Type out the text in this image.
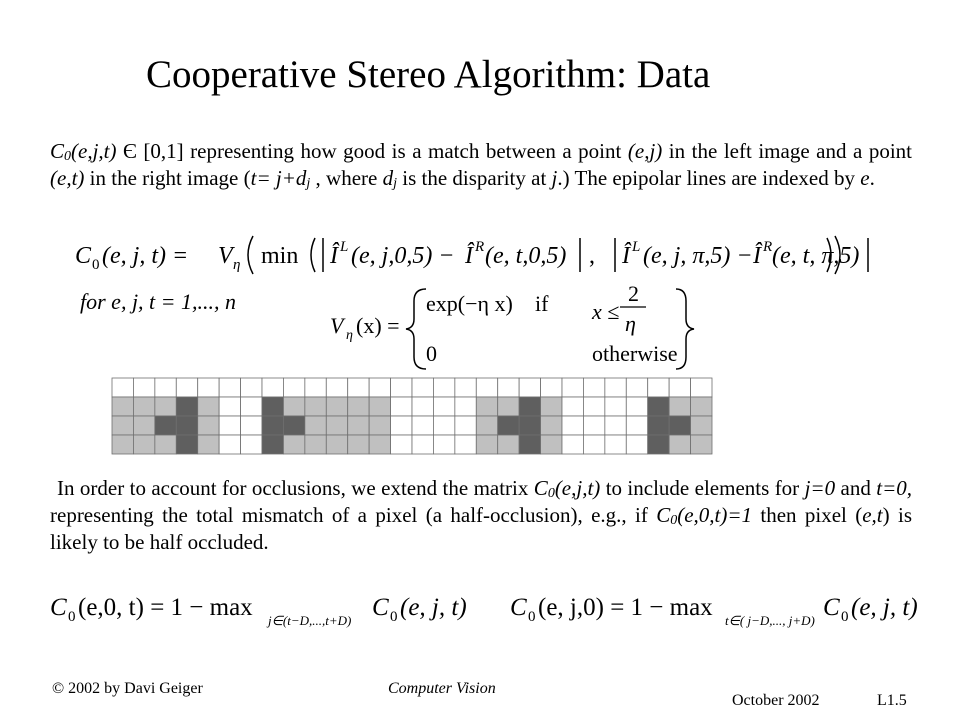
Cooperative Stereo Algorithm: Data
$C_0(e,j,t)$ Є [0,1] representing how good is a match between a point (e,j) in the left image and a point (e,t) in the right image ($t= j+d_j$ , where $d_j$ is the disparity at j.) The epipolar lines are indexed by e.
C 0 (e, j, t) = V η min Î L (e, j,0,5) − Î R (e, t,0,5) , Î L (e, j, π,5) − Î R (e, t, π,5)
for e, j, t = 1,..., n
V η (x) =
exp(−η x) if x ≤
2
η
0	otherwise
In order to account for occlusions, we extend the matrix $C_0(e,j,t)$ to include elements for j=0 and t=0, representing the total mismatch of a pixel (a half-occlusion), e.g., if $C_0(e,0,t)=1$ then pixel (e,t) is likely to be half occluded.
C 0 (e,0, t) = 1 − max j∈(t−D,...,t+D) C 0 (e, j, t) C 0 (e, j,0) = 1 − max t∈( j−D,..., j+D) C 0 (e, j, t)
© 2002 by Davi Geiger	Computer Vision
October 2002	L1.5
